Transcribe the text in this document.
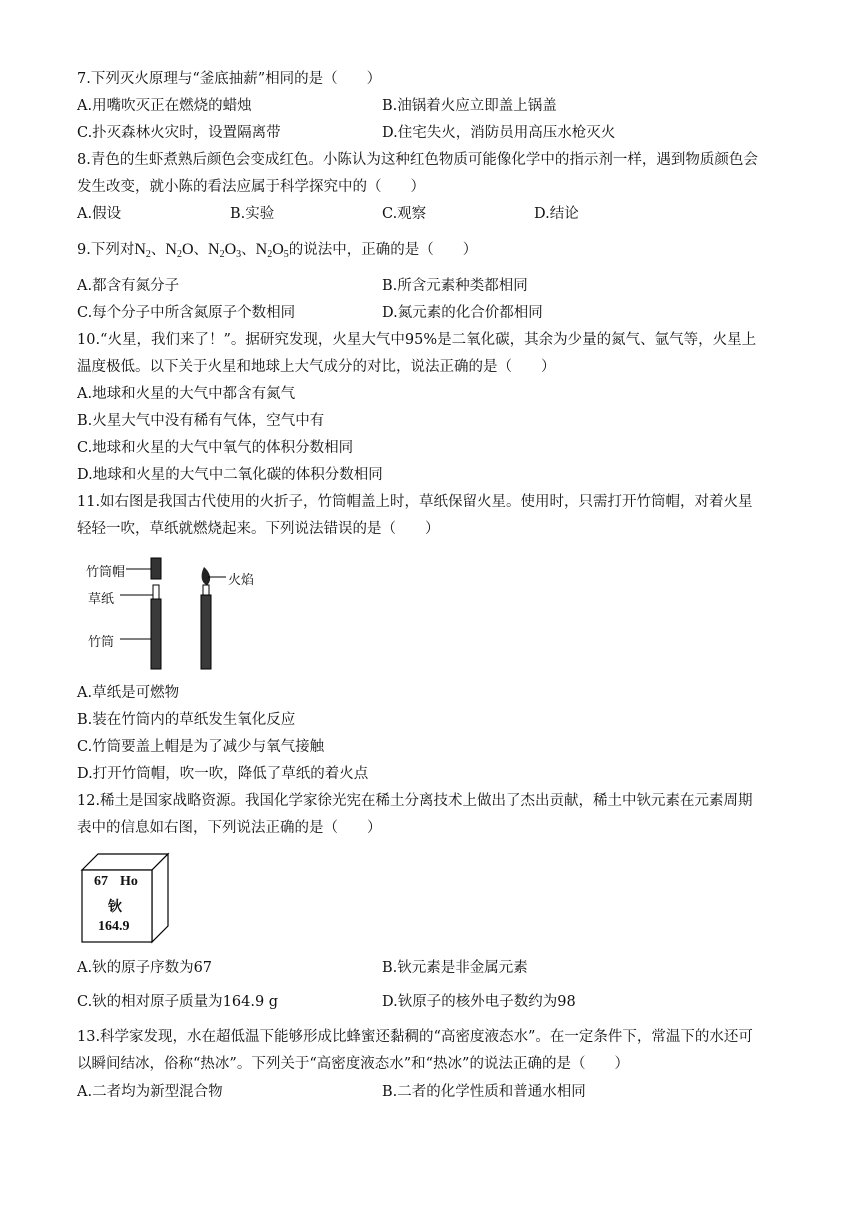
7.下列灭火原理与“釜底抽薪”相同的是（　　）
A.用嘴吹灭正在燃烧的蜡烛	B.油锅着火应立即盖上锅盖
C.扑灭森林火灾时，设置隔离带	D.住宅失火，消防员用高压水枪灭火
8.青色的生虾煮熟后颜色会变成红色。小陈认为这种红色物质可能像化学中的指示剂一样，遇到物质颜色会
发生改变，就小陈的看法应属于科学探究中的（　　）
A.假设	B.实验	C.观察	D.结论
9.下列对$N_2$、$N_2O$、$N_2O_3$、$N_2O_5$的说法中，正确的是（　　）
A.都含有氮分子	B.所含元素种类都相同
C.每个分子中所含氮原子个数相同	D.氮元素的化合价都相同
10.“火星，我们来了！”。据研究发现，火星大气中95%是二氧化碳，其余为少量的氮气、氩气等，火星上
温度极低。以下关于火星和地球上大气成分的对比，说法正确的是（　　）
A.地球和火星的大气中都含有氮气
B.火星大气中没有稀有气体，空气中有
C.地球和火星的大气中氧气的体积分数相同
D.地球和火星的大气中二氧化碳的体积分数相同
11.如右图是我国古代使用的火折子，竹筒帽盖上时，草纸保留火星。使用时，只需打开竹筒帽，对着火星
轻轻一吹，草纸就燃烧起来。下列说法错误的是（　　）
竹筒帽
草纸
竹筒
火焰
A.草纸是可燃物
B.装在竹筒内的草纸发生氧化反应
C.竹筒要盖上帽是为了减少与氧气接触
D.打开竹筒帽，吹一吹，降低了草纸的着火点
12.稀土是国家战略资源。我国化学家徐光宪在稀土分离技术上做出了杰出贡献，稀土中钬元素在元素周期
表中的信息如右图，下列说法正确的是（　　）
67 Ho
钬
164.9
A.钬的原子序数为67	B.钬元素是非金属元素
C.钬的相对原子质量为164.9 g	D.钬原子的核外电子数约为98
13.科学家发现，水在超低温下能够形成比蜂蜜还黏稠的“高密度液态水”。在一定条件下，常温下的水还可
以瞬间结冰，俗称“热冰”。下列关于“高密度液态水”和“热冰”的说法正确的是（　　）
A.二者均为新型混合物	B.二者的化学性质和普通水相同
